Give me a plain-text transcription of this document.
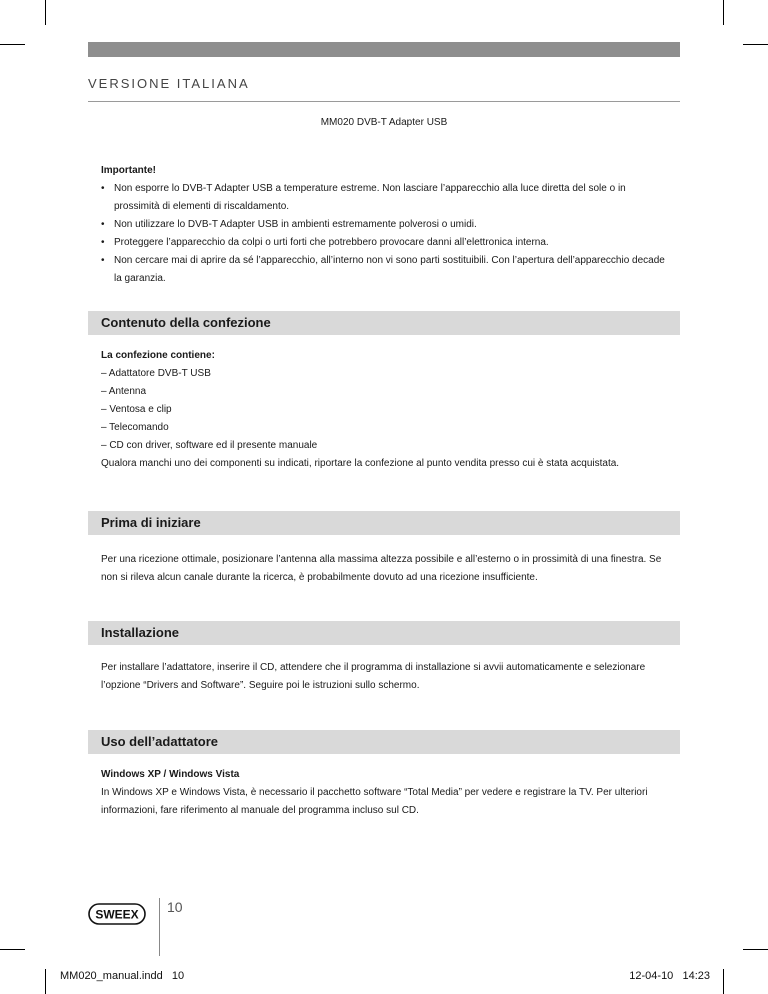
VERSIONE ITALIANA
MM020 DVB-T Adapter USB

Importante!

• Non esporre lo DVB-T Adapter USB a temperature estreme. Non lasciare l’apparecchio alla luce diretta del sole o in prossimità di elementi di riscaldamento.
• Non utilizzare lo DVB-T Adapter USB in ambienti estremamente polverosi o umidi.
• Proteggere l’apparecchio da colpi o urti forti che potrebbero provocare danni all’elettronica interna.
• Non cercare mai di aprire da sé l’apparecchio, all’interno non vi sono parti sostituibili. Con l’apertura dell’apparecchio decade la garanzia.
Contenuto della confezione

La confezione contiene:

– Adattatore DVB-T USB

– Antenna

– Ventosa e clip

– Telecomando

– CD con driver, software ed il presente manuale

Qualora manchi uno dei componenti su indicati, riportare la confezione al punto vendita presso cui è stata acquistata.

Prima di iniziare

Per una ricezione ottimale, posizionare l’antenna alla massima altezza possibile e all’esterno o in prossimità di una finestra. Se non si rileva alcun canale durante la ricerca, è probabilmente dovuto ad una ricezione insufficiente.

Installazione

Per installare l’adattatore, inserire il CD, attendere che il programma di installazione si avvii automaticamente e selezionare l’opzione “Drivers and Software”. Seguire poi le istruzioni sullo schermo.

Uso dell’adattatore

Windows XP / Windows Vista

In Windows XP e Windows Vista, è necessario il pacchetto software “Total Media” per vedere e registrare la TV. Per ulteriori informazioni, fare riferimento al manuale del programma incluso sul CD.

SWEEX 10
MM020_manual.indd   10	12-04-10   14:23
